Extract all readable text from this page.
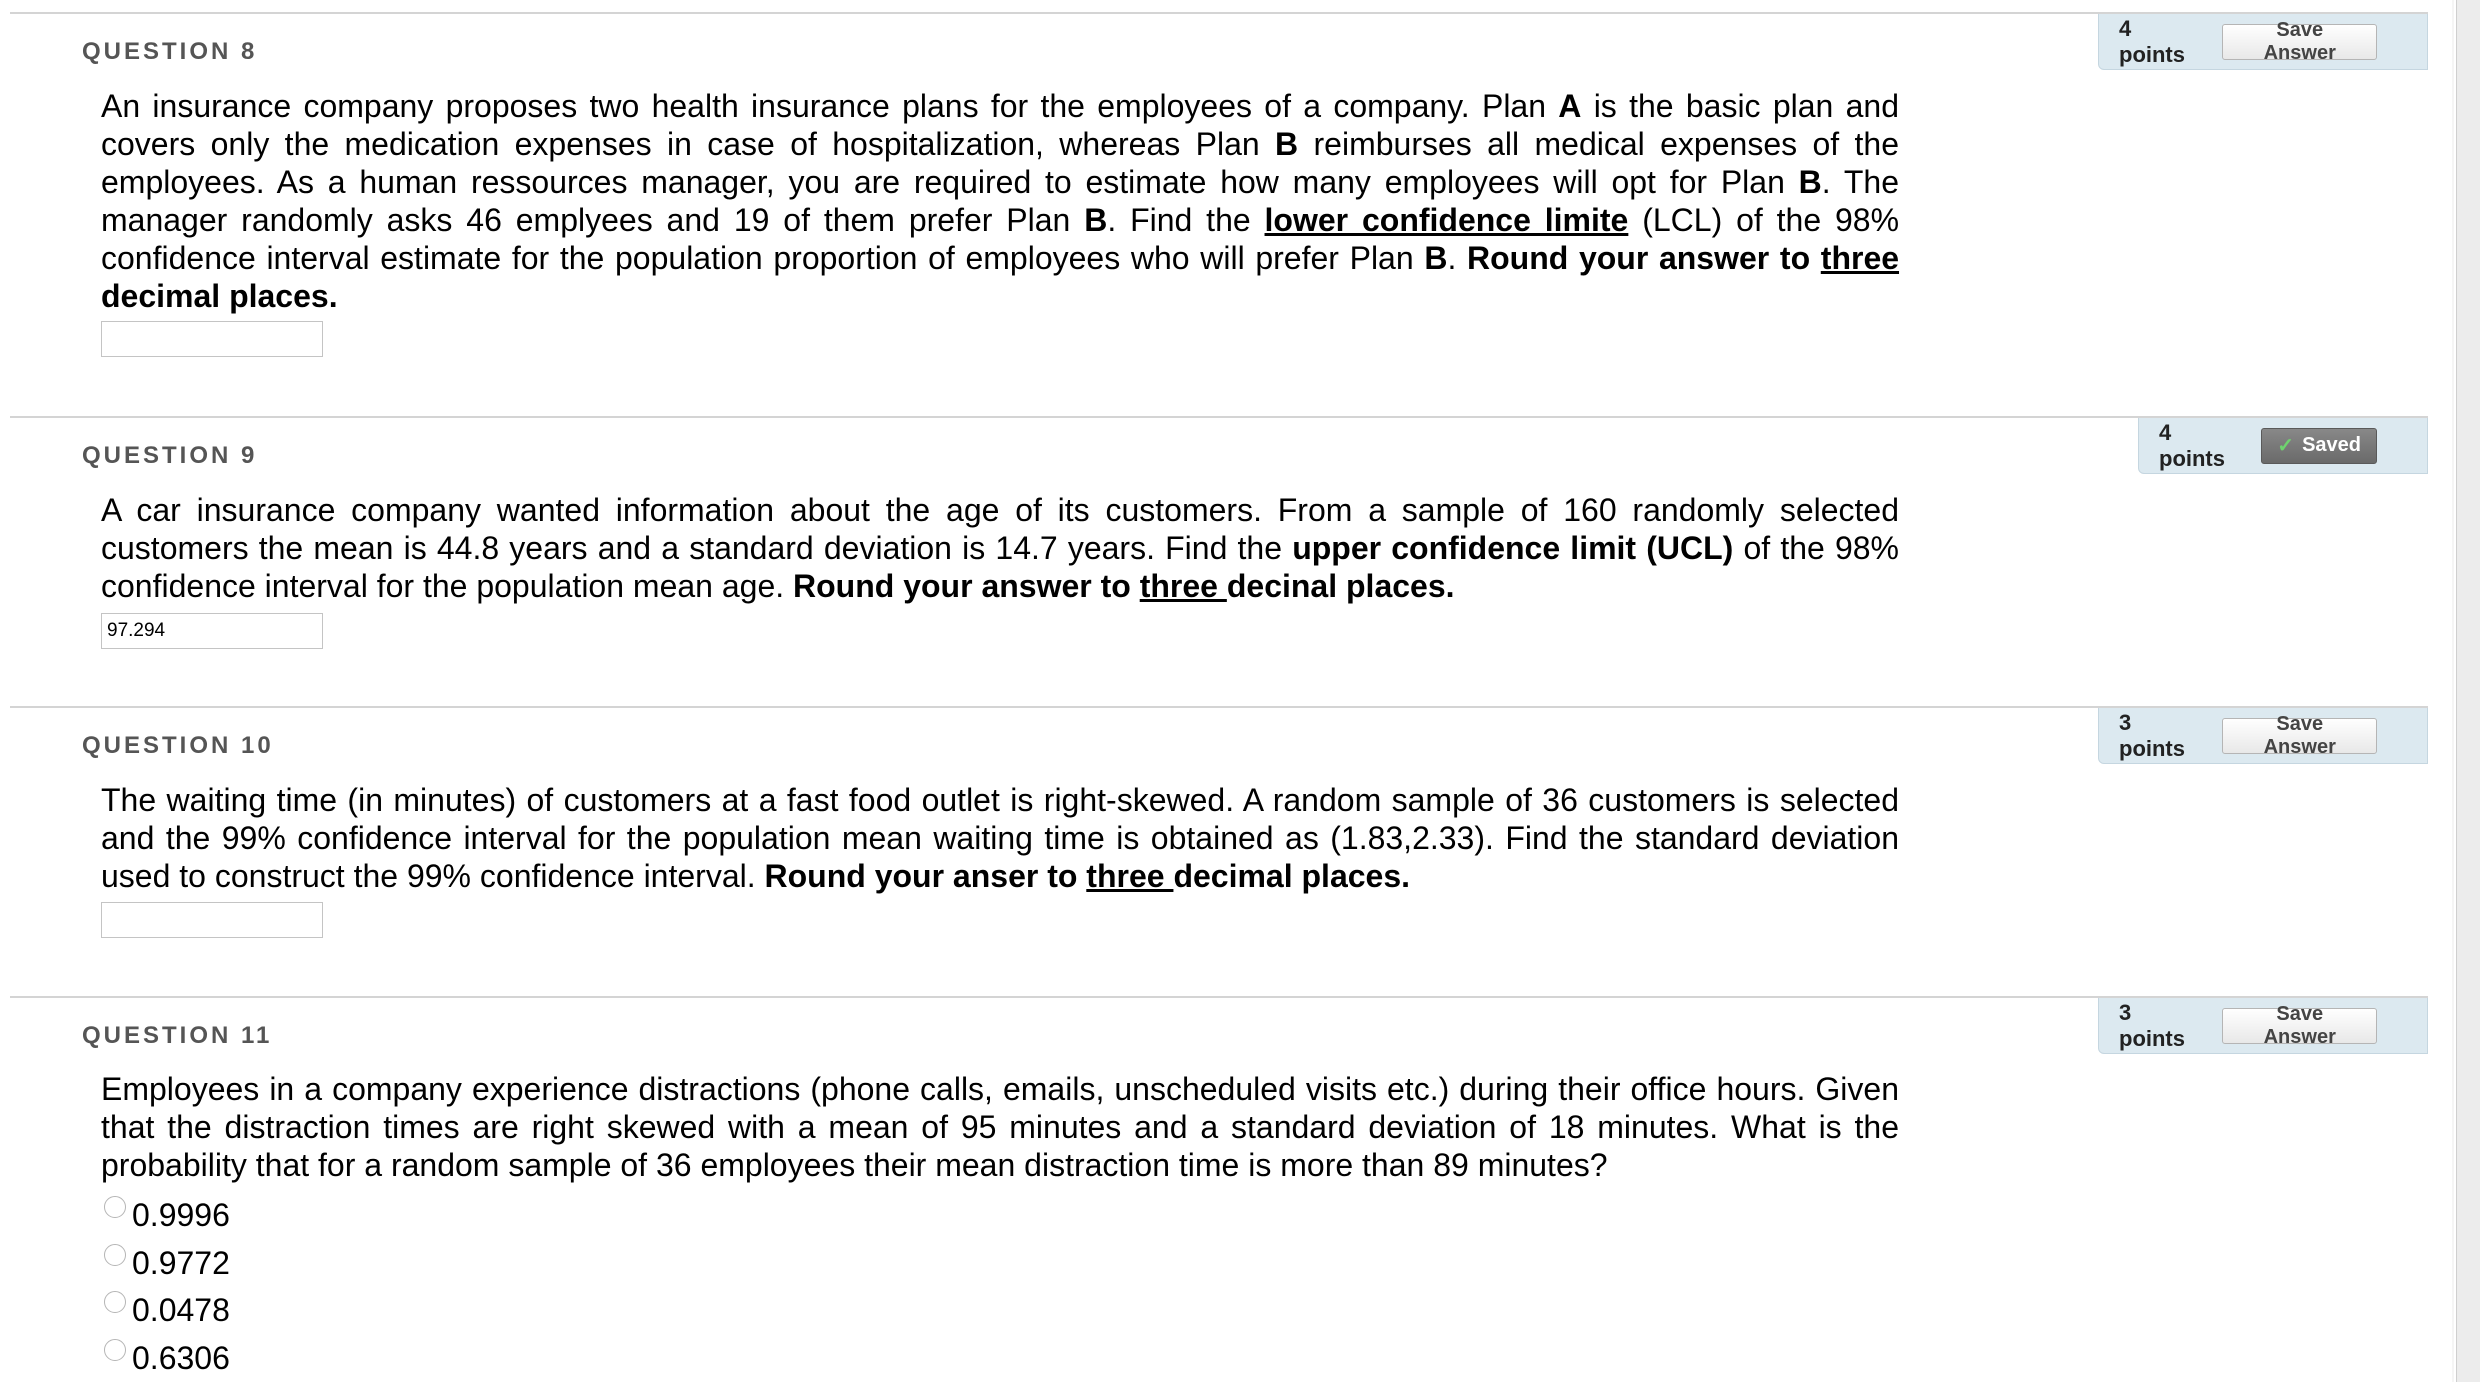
QUESTION 8
4 points
Save Answer
An insurance company proposes two health insurance plans for the employees of a company. Plan A is the basic plan and covers only the medication expenses in case of hospitalization, whereas Plan B reimburses all medical expenses of the employees. As a human ressources manager, you are required to estimate how many employees will opt for Plan B. The manager randomly asks 46 emplyees and 19 of them prefer Plan B. Find the lower confidence limite (LCL) of the 98% confidence interval estimate for the population proportion of employees who will prefer Plan B. Round your answer to three decimal places.
QUESTION 9
4 points	✓ Saved
A car insurance company wanted information about the age of its customers. From a sample of 160 randomly selected customers the mean is 44.8 years and a standard deviation is 14.7 years. Find the upper confidence limit (UCL) of the 98% confidence interval for the population mean age. Round your answer to three decinal places.
97.294
QUESTION 10
3 points
Save Answer
The waiting time (in minutes) of customers at a fast food outlet is right-skewed. A random sample of 36 customers is selected and the 99% confidence interval for the population mean waiting time is obtained as (1.83,2.33). Find the standard deviation used to construct the 99% confidence interval. Round your anser to three decimal places.
QUESTION 11
3 points
Save Answer
Employees in a company experience distractions (phone calls, emails, unscheduled visits etc.) during their office hours. Given that the distraction times are right skewed with a mean of 95 minutes and a standard deviation of 18 minutes. What is the probability that for a random sample of 36 employees their mean distraction time is more than 89 minutes?
0.9996
0.9772
0.0478
0.6306
